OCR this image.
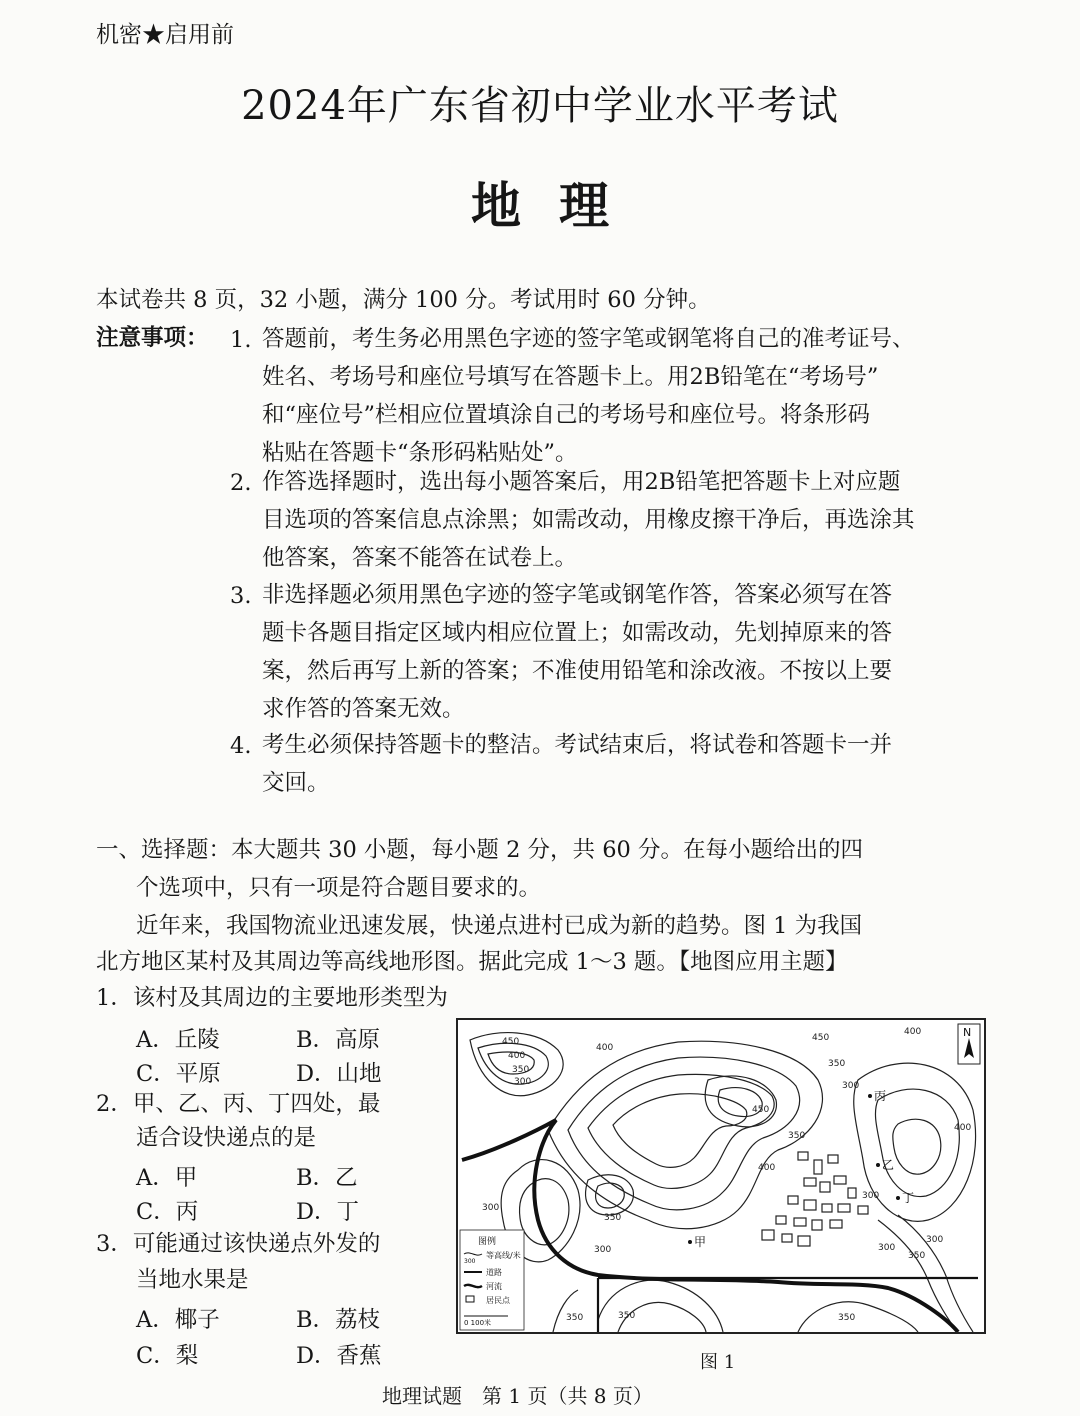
机密★启用前
2024年广东省初中学业水平考试
地理
本试卷共 8 页，32 小题，满分 100 分。考试用时 60 分钟。
注意事项： 1. 答题前，考生务必用黑色字迹的签字笔或钢笔将自己的准考证号、
姓名、考场号和座位号填写在答题卡上。用2B铅笔在“考场号”
和“座位号”栏相应位置填涂自己的考场号和座位号。将条形码
粘贴在答题卡“条形码粘贴处”。
2. 作答选择题时，选出每小题答案后，用2B铅笔把答题卡上对应题
目选项的答案信息点涂黑；如需改动，用橡皮擦干净后，再选涂其
他答案，答案不能答在试卷上。
3. 非选择题必须用黑色字迹的签字笔或钢笔作答，答案必须写在答
题卡各题目指定区域内相应位置上；如需改动，先划掉原来的答
案，然后再写上新的答案；不准使用铅笔和涂改液。不按以上要
求作答的答案无效。
4. 考生必须保持答题卡的整洁。考试结束后，将试卷和答题卡一并
交回。
一、选择题：本大题共 30 小题，每小题 2 分，共 60 分。在每小题给出的四
个选项中，只有一项是符合题目要求的。
近年来，我国物流业迅速发展，快递点进村已成为新的趋势。图 1 为我国
北方地区某村及其周边等高线地形图。据此完成 1～3 题。【地图应用主题】
1．该村及其周边的主要地形类型为
A．丘陵	B．高原
C．平原	D．山地
2．甲、乙、丙、丁四处，最
适合设快递点的是
A．甲	B．乙
C．丙	D．丁
3．可能通过该快递点外发的
当地水果是
A．椰子	B．荔枝
C．梨	D．香蕉
450
400
350
300
450
400
350
300
450
400
350
300
400
350
300
300
350	350
400
350
300
350
300
甲
丙
丁
乙
N
图例
300
等高线/米
道路
河流
居民点
0 100米
图 1
地理试题　第 1 页（共 8 页）
